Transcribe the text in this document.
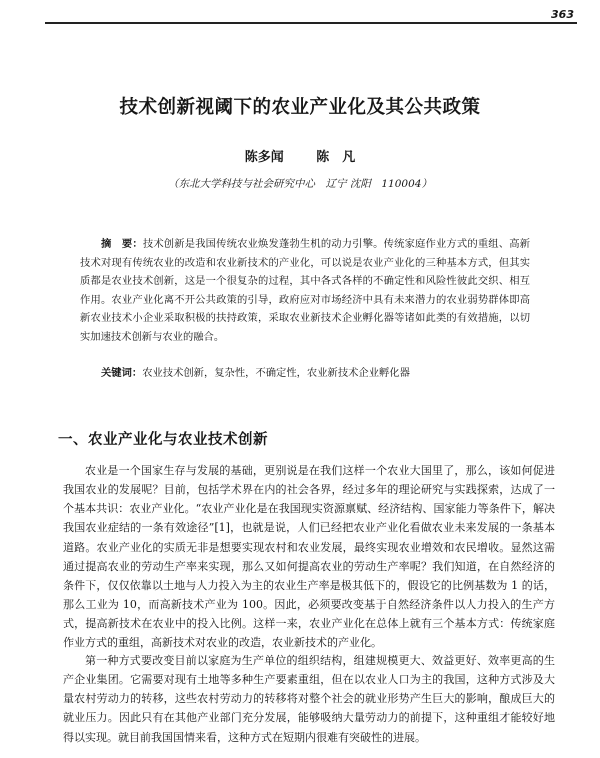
363
技术创新视阈下的农业产业化及其公共政策
陈多闻	陈　凡
（东北大学科技与社会研究中心　辽宁 沈阳　110004）

摘　要：技术创新是我国传统农业焕发蓬勃生机的动力引擎。传统家庭作业方式的重组、高新技术对现有传统农业的改造和农业新技术的产业化，可以说是农业产业化的三种基本方式，但其实质都是农业技术创新，这是一个很复杂的过程，其中各式各样的不确定性和风险性彼此交织、相互作用。农业产业化离不开公共政策的引导，政府应对市场经济中具有未来潜力的农业弱势群体即高新农业技术小企业采取积极的扶持政策，采取农业新技术企业孵化器等诸如此类的有效措施，以切实加速技术创新与农业的融合。

关键词：农业技术创新，复杂性，不确定性，农业新技术企业孵化器

一、农业产业化与农业技术创新

农业是一个国家生存与发展的基础，更别说是在我们这样一个农业大国里了，那么，该如何促进我国农业的发展呢？目前，包括学术界在内的社会各界，经过多年的理论研究与实践探索，达成了一个基本共识：农业产业化。“农业产业化是在我国现实资源禀赋、经济结构、国家能力等条件下，解决我国农业症结的一条有效途径”[1]，也就是说，人们已经把农业产业化看做农业未来发展的一条基本道路。农业产业化的实质无非是想要实现农村和农业发展，最终实现农业增效和农民增收。显然这需通过提高农业的劳动生产率来实现，那么又如何提高农业的劳动生产率呢？我们知道，在自然经济的条件下，仅仅依靠以土地与人力投入为主的农业生产率是极其低下的，假设它的比例基数为 1 的话，那么工业为 10，而高新技术产业为 100。因此，必须要改变基于自然经济条件以人力投入的生产方式，提高新技术在农业中的投入比例。这样一来，农业产业化在总体上就有三个基本方式：传统家庭作业方式的重组，高新技术对农业的改造，农业新技术的产业化。

第一种方式要改变目前以家庭为生产单位的组织结构，组建规模更大、效益更好、效率更高的生产企业集团。它需要对现有土地等多种生产要素重组，但在以农业人口为主的我国，这种方式涉及大量农村劳动力的转移，这些农村劳动力的转移将对整个社会的就业形势产生巨大的影响，酿成巨大的就业压力。因此只有在其他产业部门充分发展，能够吸纳大量劳动力的前提下，这种重组才能较好地得以实现。就目前我国国情来看，这种方式在短期内很难有突破性的进展。
